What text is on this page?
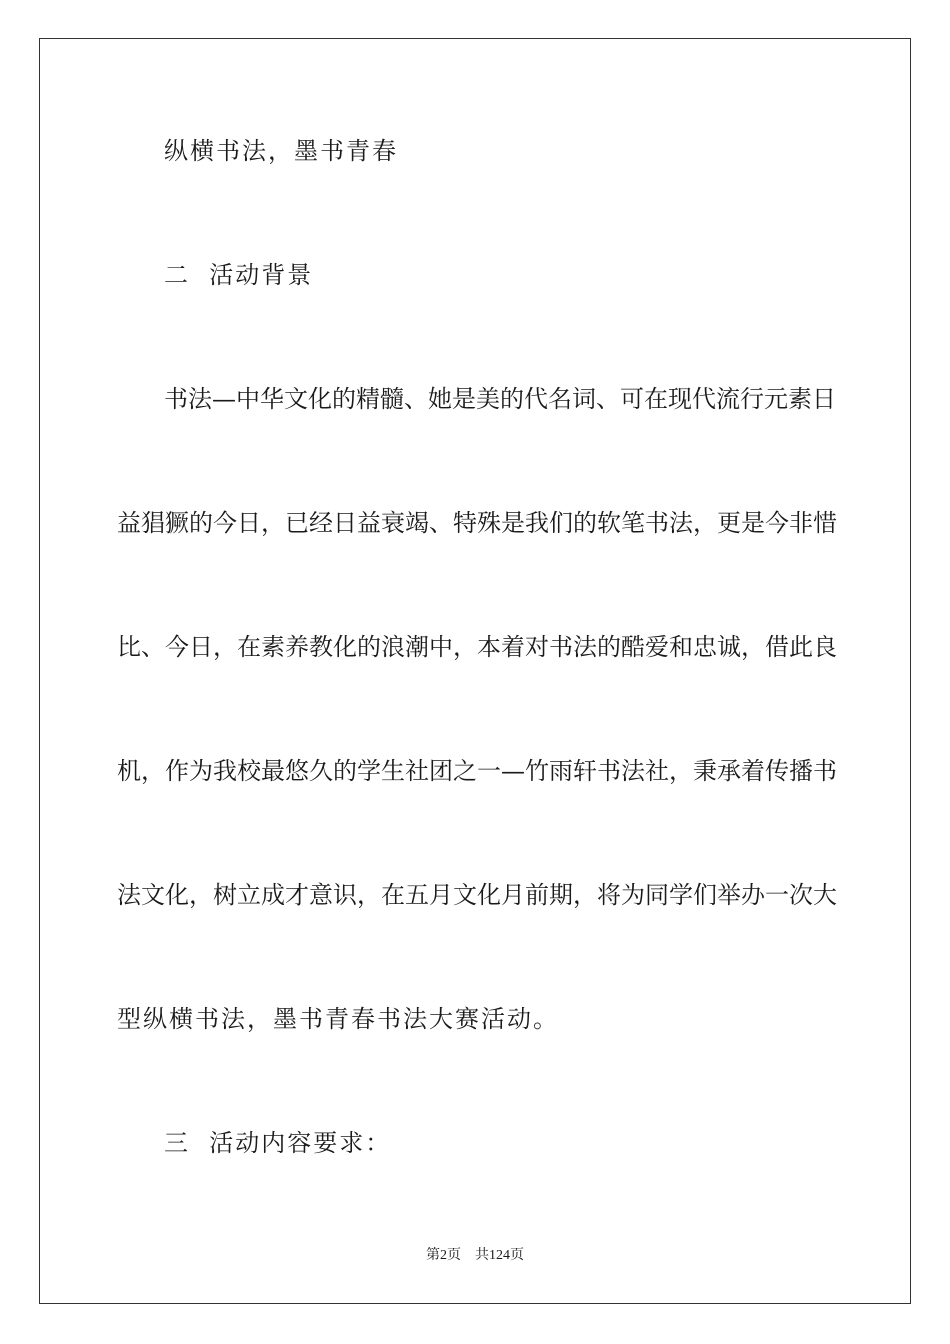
纵横书法，墨书青春
二  活动背景
书法—中华文化的精髓、她是美的代名词、可在现代流行元素日
益猖獗的今日，已经日益衰竭、特殊是我们的软笔书法，更是今非惜
比、今日，在素养教化的浪潮中，本着对书法的酷爱和忠诚，借此良
机，作为我校最悠久的学生社团之一—竹雨轩书法社，秉承着传播书
法文化，树立成才意识，在五月文化月前期，将为同学们举办一次大
型纵横书法，墨书青春书法大赛活动。
三  活动内容要求：
第2页 共124页
